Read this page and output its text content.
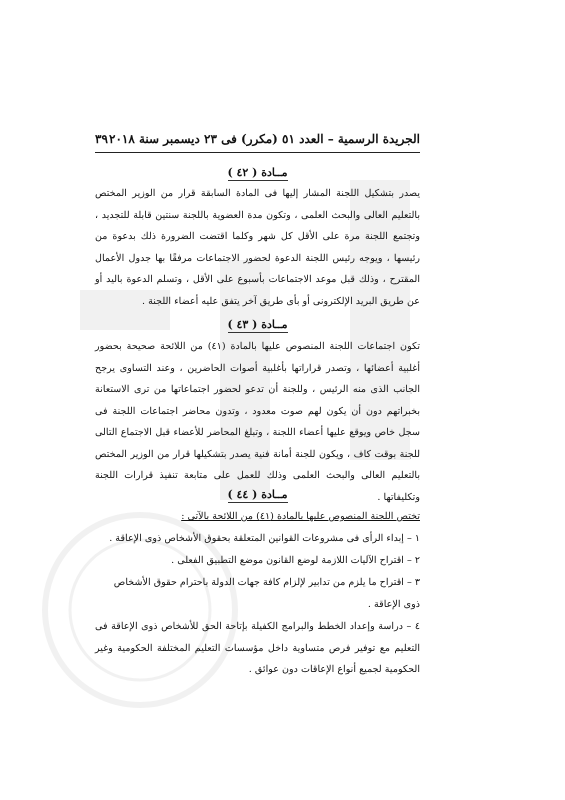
الجريدة الرسمية – العدد ٥١ (مكرر) فى ٢٣ ديسمبر سنة ٢٠١٨
٣٩
مــادة ( ٤٢ )
يصدر بتشكيل اللجنة المشار إليها فى المادة السابقة قرار من الوزير المختص بالتعليم العالى والبحث العلمى ، وتكون مدة العضوية باللجنة سنتين قابلة للتجديد ، وتجتمع اللجنة مرة على الأقل كل شهر وكلما اقتضت الضرورة ذلك بدعوة من رئيسها ، ويوجه رئيس اللجنة الدعوة لحضور الاجتماعات مرفقًا بها جدول الأعمال المقترح ، وذلك قبل موعد الاجتماعات بأسبوع على الأقل ، وتسلم الدعوة باليد أو عن طريق البريد الإلكترونى أو بأى طريق آخر يتفق عليه أعضاء اللجنة .
مــادة ( ٤٣ )
تكون اجتماعات اللجنة المنصوص عليها بالمادة (٤١) من اللائحة صحيحة بحضور أغلبية أعضائها ، وتصدر قراراتها بأغلبية أصوات الحاضرين ، وعند التساوى يرجح الجانب الذى منه الرئيس ، وللجنة أن تدعو لحضور اجتماعاتها من ترى الاستعانة بخبراتهم دون أن يكون لهم صوت معدود ، وتدون محاضر اجتماعات اللجنة فى سجل خاص ويوقع عليها أعضاء اللجنة ، وتبلغ المحاضر للأعضاء قبل الاجتماع التالى للجنة بوقت كاف ، ويكون للجنة أمانة فنية يصدر بتشكيلها قرار من الوزير المختص بالتعليم العالى والبحث العلمى وذلك للعمل على متابعة تنفيذ قرارات اللجنة وتكليفاتها .
مــادة ( ٤٤ )
تختص اللجنة المنصوص عليها بالمادة (٤١) من اللائحة بالآتى :
١ – إبداء الرأى فى مشروعات القوانين المتعلقة بحقوق الأشخاص ذوى الإعاقة .
٢ – اقتراح الآليات اللازمة لوضع القانون موضع التطبيق الفعلى .
٣ – اقتراح ما يلزم من تدابير لإلزام كافة جهات الدولة باحترام حقوق الأشخاص
ذوى الإعاقة .
٤ – دراسة وإعداد الخطط والبرامج الكفيلة بإتاحة الحق للأشخاص ذوى الإعاقة فى التعليم مع توفير فرص متساوية داخل مؤسسات التعليم المختلفة الحكومية وغير الحكومية لجميع أنواع الإعاقات دون عوائق .
